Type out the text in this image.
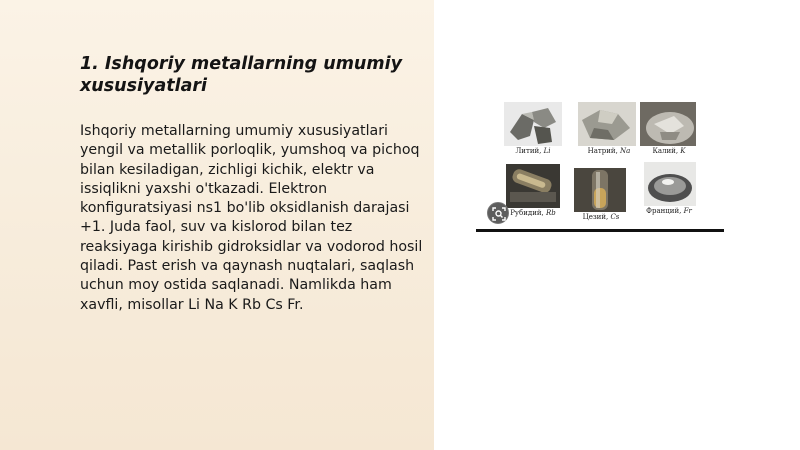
1. Ishqoriy metallarning umumiy xususiyatlari
Ishqoriy metallarning umumiy xususiyatlari yengil va metallik porloqlik, yumshoq va pichoq bilan kesiladigan, zichligi kichik, elektr va issiqlikni yaxshi o'tkazadi. Elektron konfiguratsiyasi ns1 bo'lib oksidlanish darajasi +1. Juda faol, suv va kislorod bilan tez reaksiyaga kirishib gidroksidlar va vodorod hosil qiladi. Past erish va qaynash nuqtalari, saqlash uchun moy ostida saqlanadi. Namlikda ham xavfli, misollar Li Na K Rb Cs Fr.
Литий, Li	Натрий, Na	Калий, K
Рубидий, Rb	Цезий, Cs
Франций, Fr
